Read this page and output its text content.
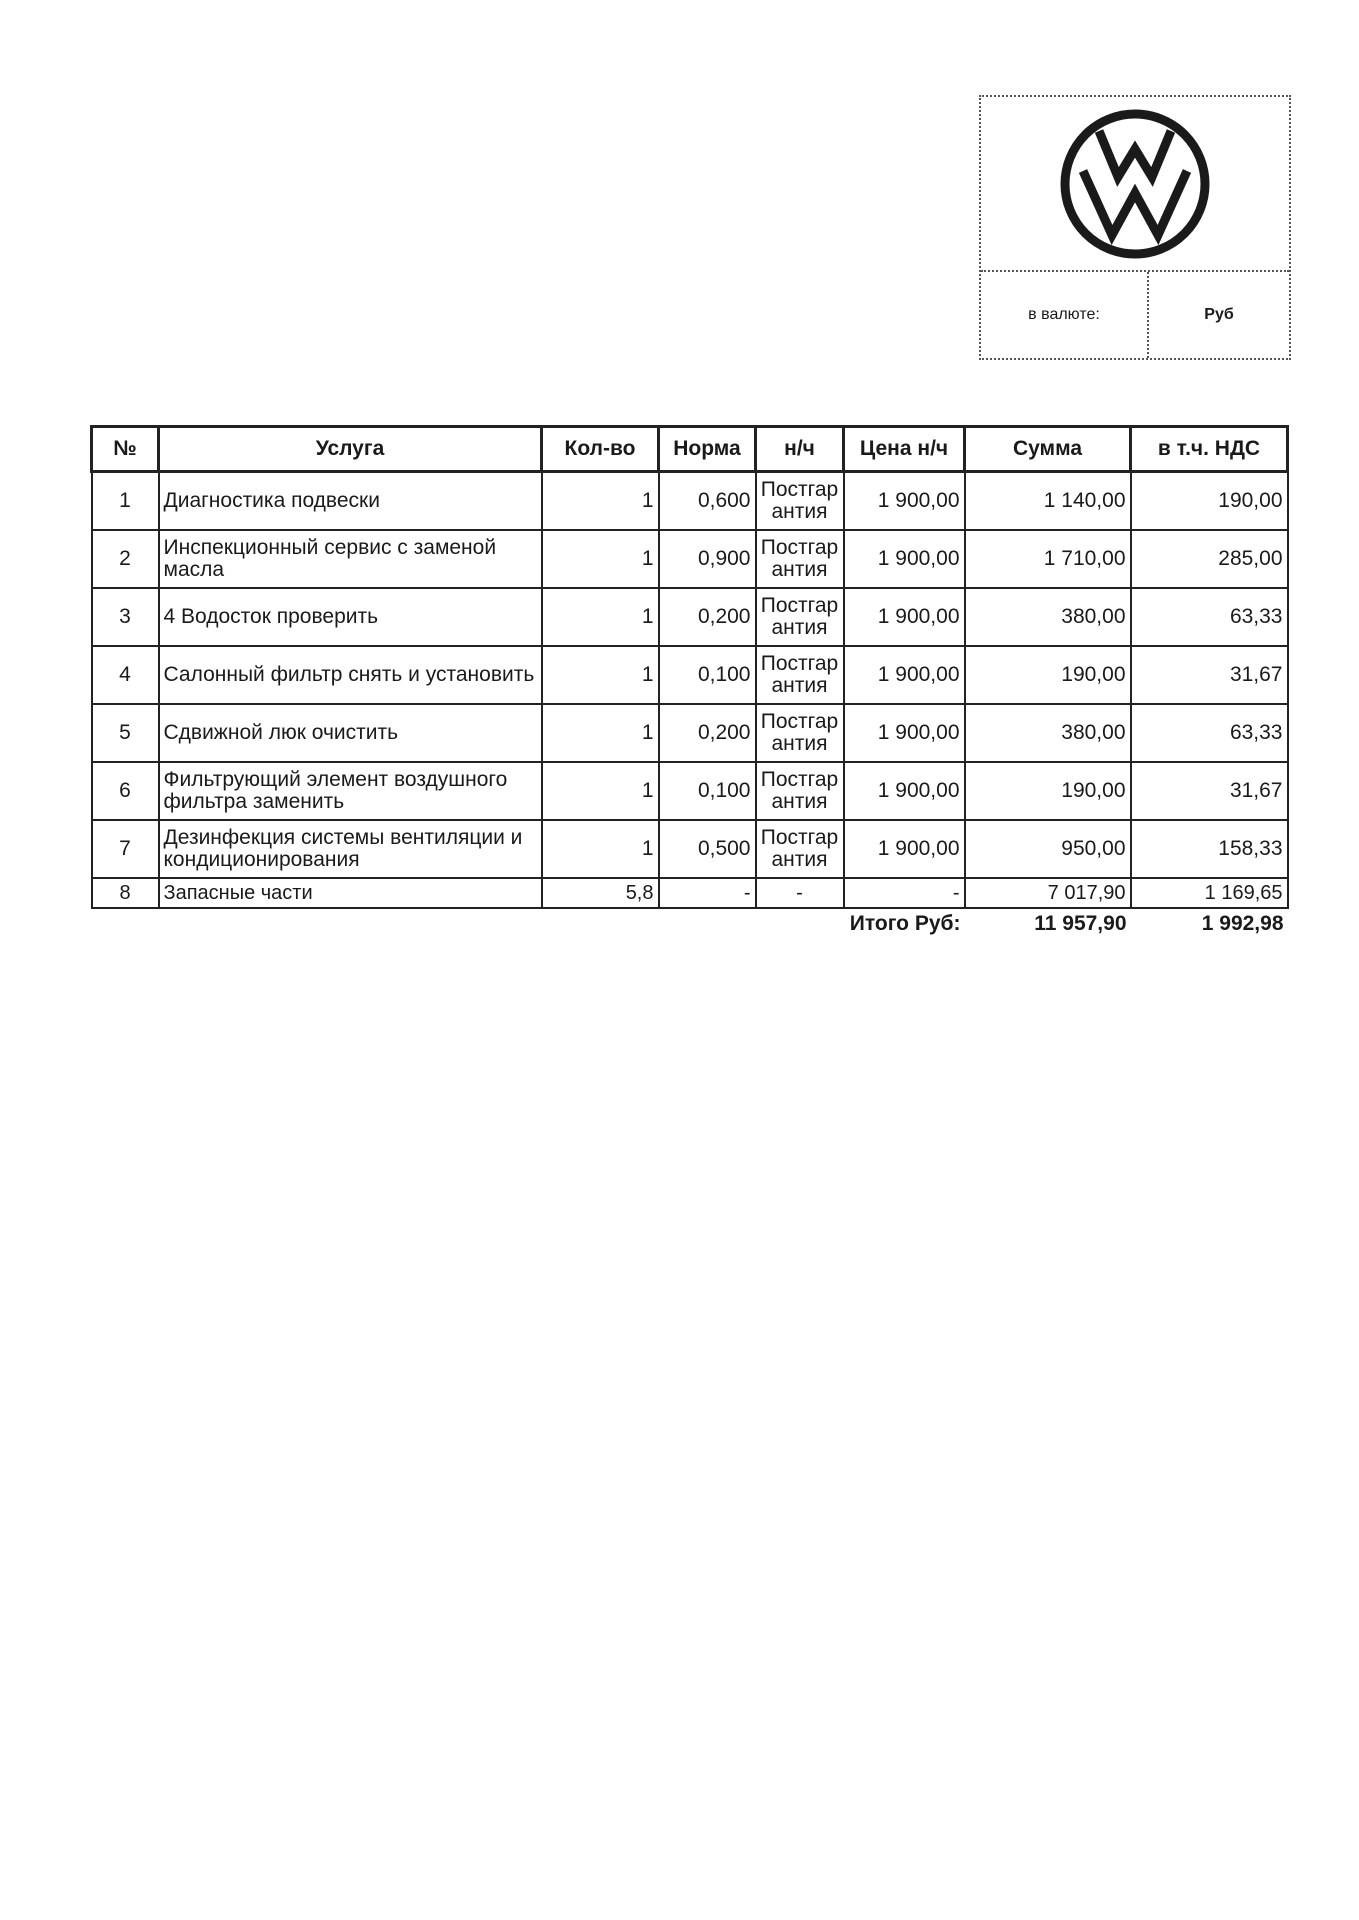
в валюте:	Руб
№	Услуга	Кол-во	Норма	н/ч	Цена н/ч	Сумма	в т.ч. НДС
1	Диагностика подвески	1	0,600	Постгар антия	1 900,00	1 140,00	190,00
2	Инспекционный сервис с заменой масла	1	0,900	Постгар антия	1 900,00	1 710,00	285,00
3	4 Водосток проверить	1	0,200	Постгар антия	1 900,00	380,00	63,33
4	Салонный фильтр снять и установить	1	0,100	Постгар антия	1 900,00	190,00	31,67
5	Сдвижной люк очистить	1	0,200	Постгар антия	1 900,00	380,00	63,33
6	Фильтрующий элемент воздушного фильтра заменить	1	0,100	Постгар антия	1 900,00	190,00	31,67
7	Дезинфекция системы вентиляции и кондиционирования	1	0,500	Постгар антия	1 900,00	950,00	158,33
8	Запасные части	5,8	-	-	-	7 017,90	1 169,65
Итого Руб:						11 957,90	1 992,98
